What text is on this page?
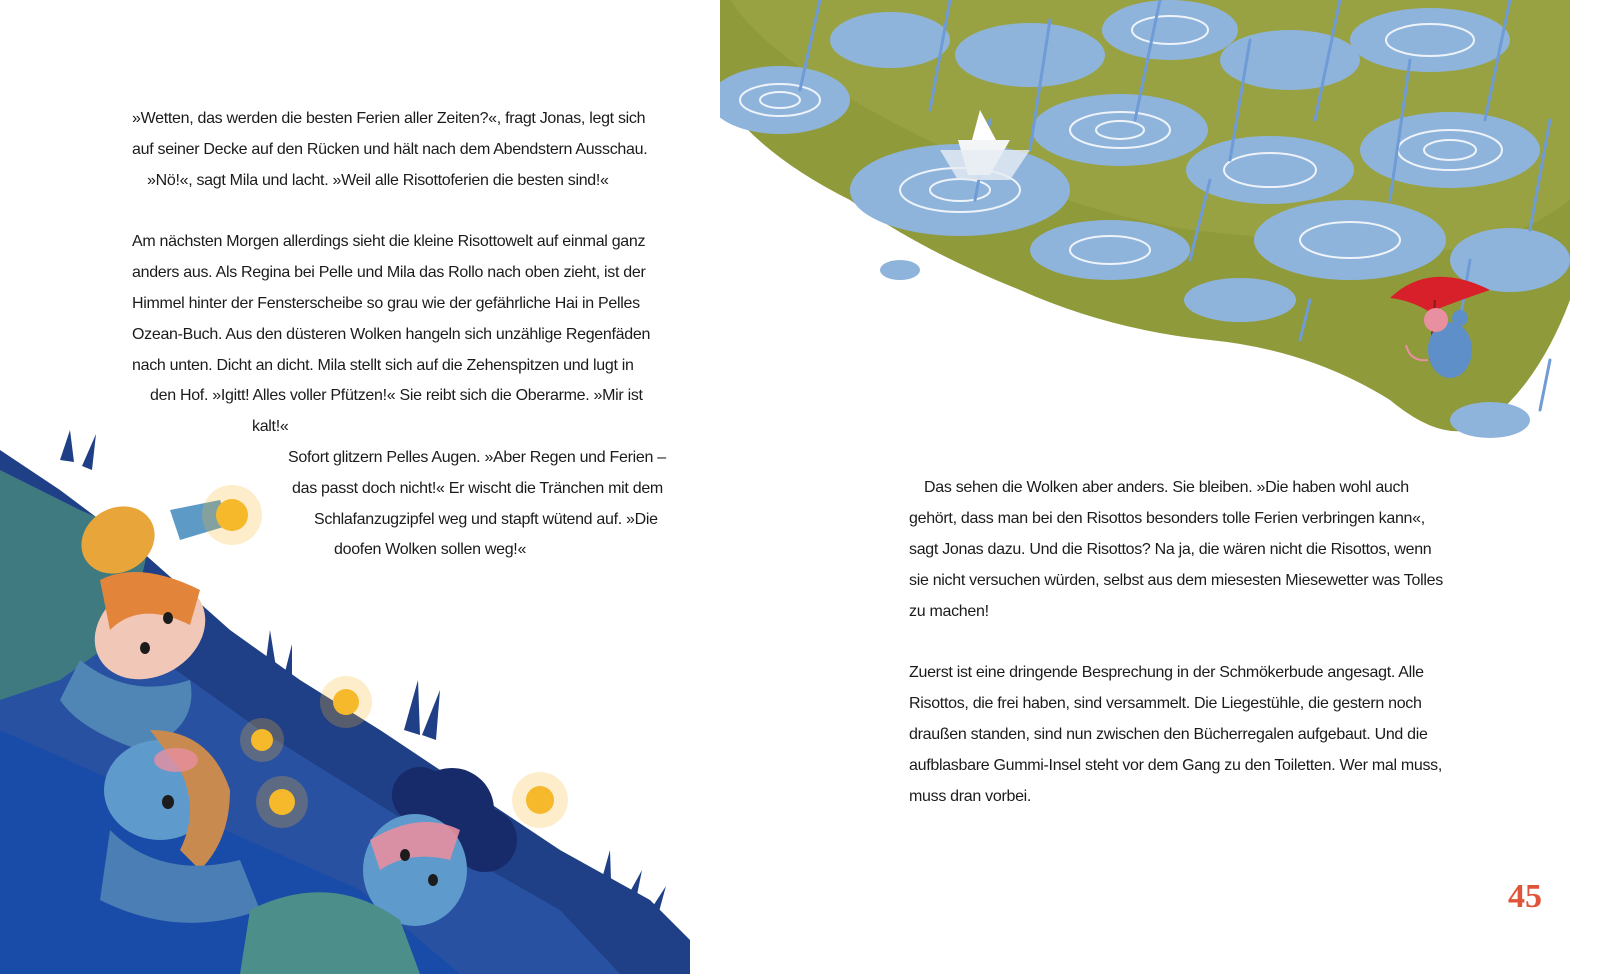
»Wetten, das werden die besten Ferien aller Zeiten?«, fragt Jonas, legt sich
auf seiner Decke auf den Rücken und hält nach dem Abendstern Ausschau.
»Nö!«, sagt Mila und lacht. »Weil alle Risottoferien die besten sind!«
Am nächsten Morgen allerdings sieht die kleine Risottowelt auf einmal ganz
anders aus. Als Regina bei Pelle und Mila das Rollo nach oben zieht, ist der
Himmel hinter der Fensterscheibe so grau wie der gefährliche Hai in Pelles
Ozean-Buch. Aus den düsteren Wolken hangeln sich unzählige Regenfäden
nach unten. Dicht an dicht. Mila stellt sich auf die Zehenspitzen und lugt in
den Hof. »Igitt! Alles voller Pfützen!« Sie reibt sich die Oberarme. »Mir ist
kalt!«
Sofort glitzern Pelles Augen. »Aber Regen und Ferien –
das passt doch nicht!« Er wischt die Tränchen mit dem
Schlafanzugzipfel weg und stapft wütend auf. »Die
doofen Wolken sollen weg!«
Das sehen die Wolken aber anders. Sie bleiben. »Die haben wohl auch
gehört, dass man bei den Risottos besonders tolle Ferien verbringen kann«,
sagt Jonas dazu. Und die Risottos? Na ja, die wären nicht die Risottos, wenn
sie nicht versuchen würden, selbst aus dem miesesten Miesewetter was Tolles
zu machen!
Zuerst ist eine dringende Besprechung in der Schmökerbude angesagt. Alle
Risottos, die frei haben, sind versammelt. Die Liegestühle, die gestern noch
draußen standen, sind nun zwischen den Bücherregalen aufgebaut. Und die
aufblasbare Gummi-Insel steht vor dem Gang zu den Toiletten. Wer mal muss,
muss dran vorbei.
45
